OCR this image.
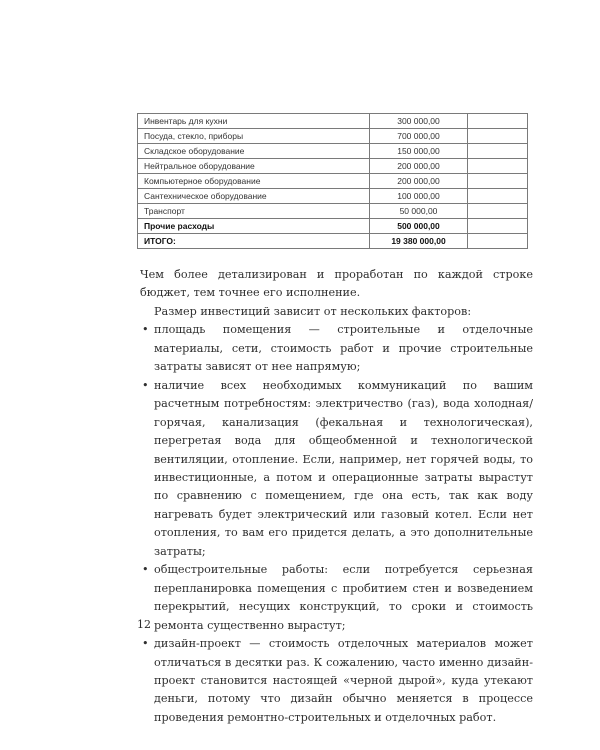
Инвентарь для кухни	300 000,00	
Посуда, стекло, приборы	700 000,00	
Складское оборудование	150 000,00	
Нейтральное оборудование	200 000,00	
Компьютерное оборудование	200 000,00	
Сантехническое оборудование	100 000,00	
Транспорт	50 000,00	
Прочие расходы	500 000,00	
ИТОГО:	19 380 000,00	

Чем более детализирован и проработан по каждой строке бюджет, тем точнее его исполнение.

Размер инвестиций зависит от нескольких факторов:

• площадь помещения — строительные и отделочные материалы, сети, стоимость работ и прочие строительные затраты зависят от нее напрямую;
• наличие всех необходимых коммуникаций по вашим расчетным потребностям: электричество (газ), вода холодная/горячая, канализация (фекальная и технологическая), перегретая вода для общеобменной и технологической вентиляции, отопление. Если, например, нет горячей воды, то инвестиционные, а потом и операционные затраты вырастут по сравнению с помещением, где она есть, так как воду нагревать будет электрический или газовый котел. Если нет отопления, то вам его придется делать, а это дополнительные затраты;
• общестроительные работы: если потребуется серьезная перепланировка помещения с пробитием стен и возведением перекрытий, несущих конструкций, то сроки и стоимость ремонта существенно вырастут;
• дизайн-проект — стоимость отделочных материалов может отличаться в десятки раз. К сожалению, часто именно дизайн-проект становится настоящей «черной дырой», куда утекают деньги, потому что дизайн обычно меняется в процессе проведения ремонтно-строительных и отделочных работ.
12
